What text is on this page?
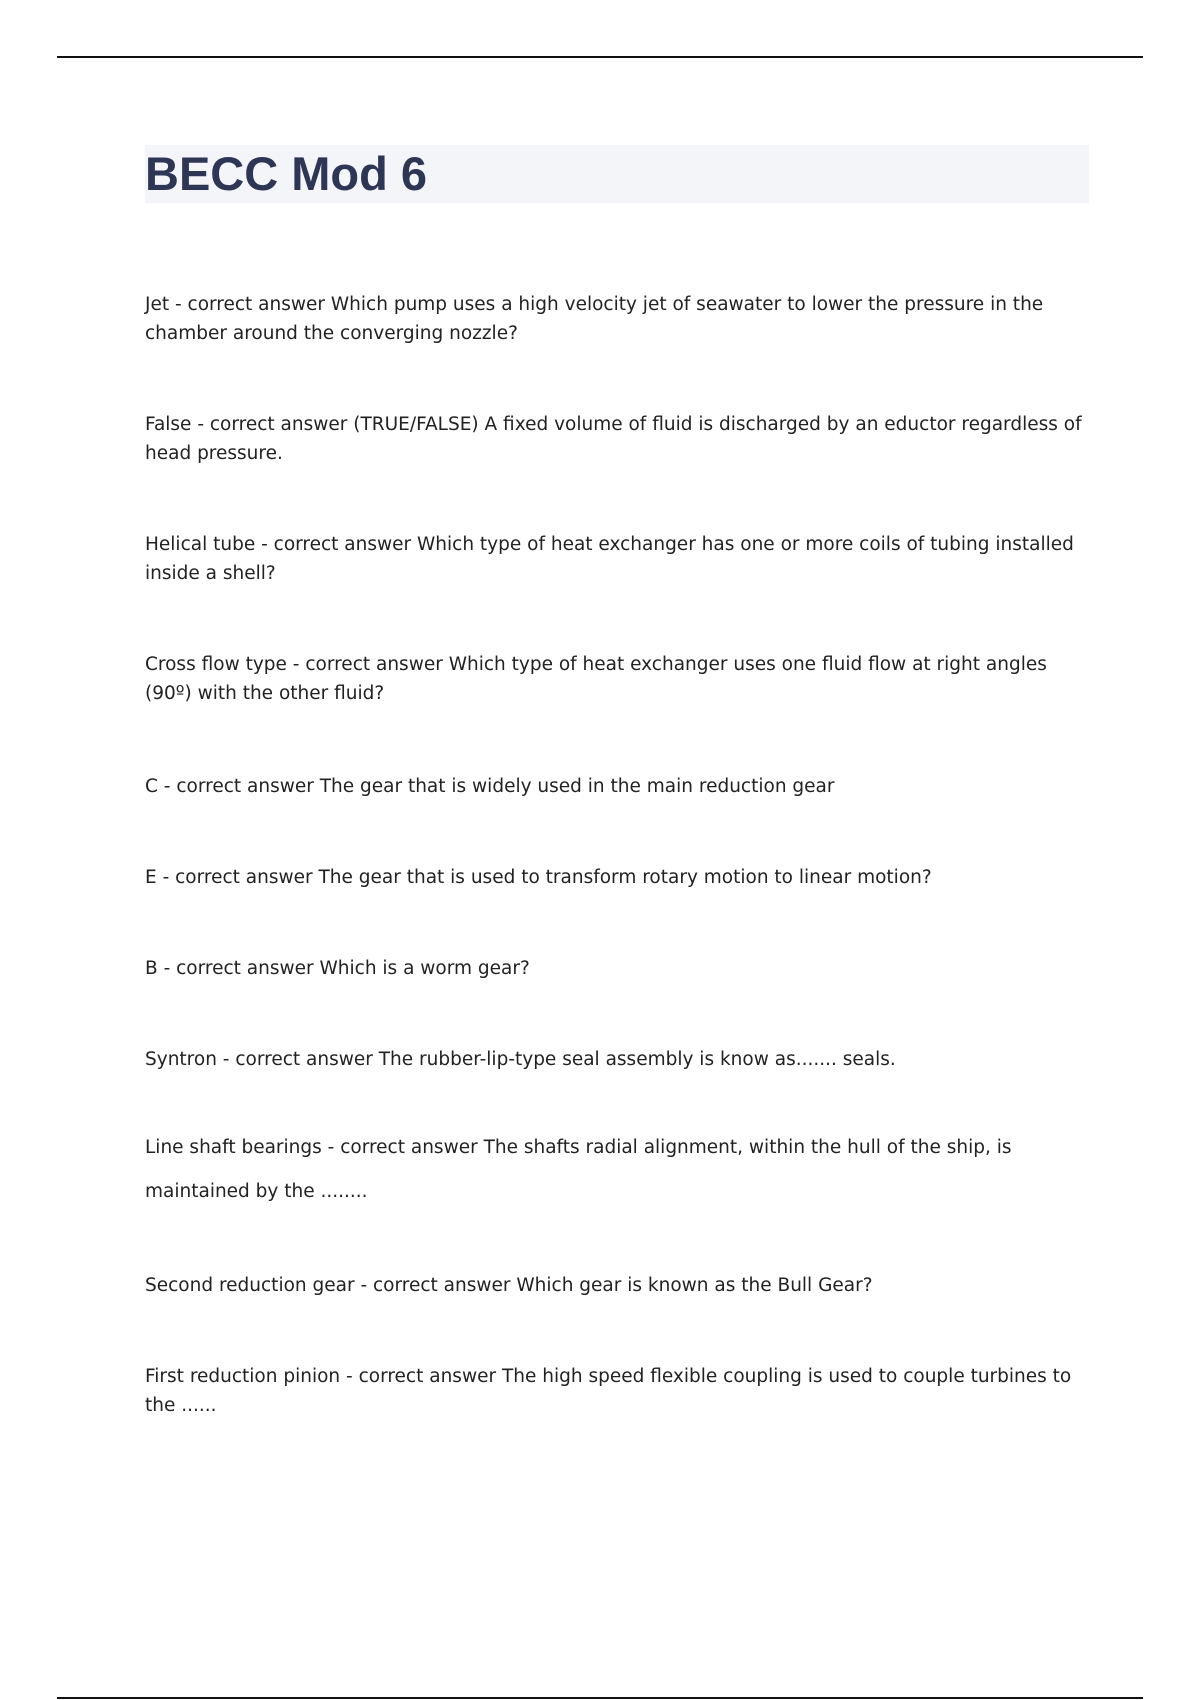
BECC Mod 6

Jet - correct answer Which pump uses a high velocity jet of seawater to lower the pressure in the chamber around the converging nozzle?

False - correct answer (TRUE/FALSE) A fixed volume of fluid is discharged by an eductor regardless of head pressure.

Helical tube - correct answer Which type of heat exchanger has one or more coils of tubing installed inside a shell?

Cross flow type - correct answer Which type of heat exchanger uses one fluid flow at right angles (90º) with the other fluid?

C - correct answer The gear that is widely used in the main reduction gear

E - correct answer The gear that is used to transform rotary motion to linear motion?

B - correct answer Which is a worm gear?

Syntron - correct answer The rubber-lip-type seal assembly is know as....... seals.

Line shaft bearings - correct answer The shafts radial alignment, within the hull of the ship, is maintained by the ........

Second reduction gear - correct answer Which gear is known as the Bull Gear?

First reduction pinion - correct answer The high speed flexible coupling is used to couple turbines to the ......
